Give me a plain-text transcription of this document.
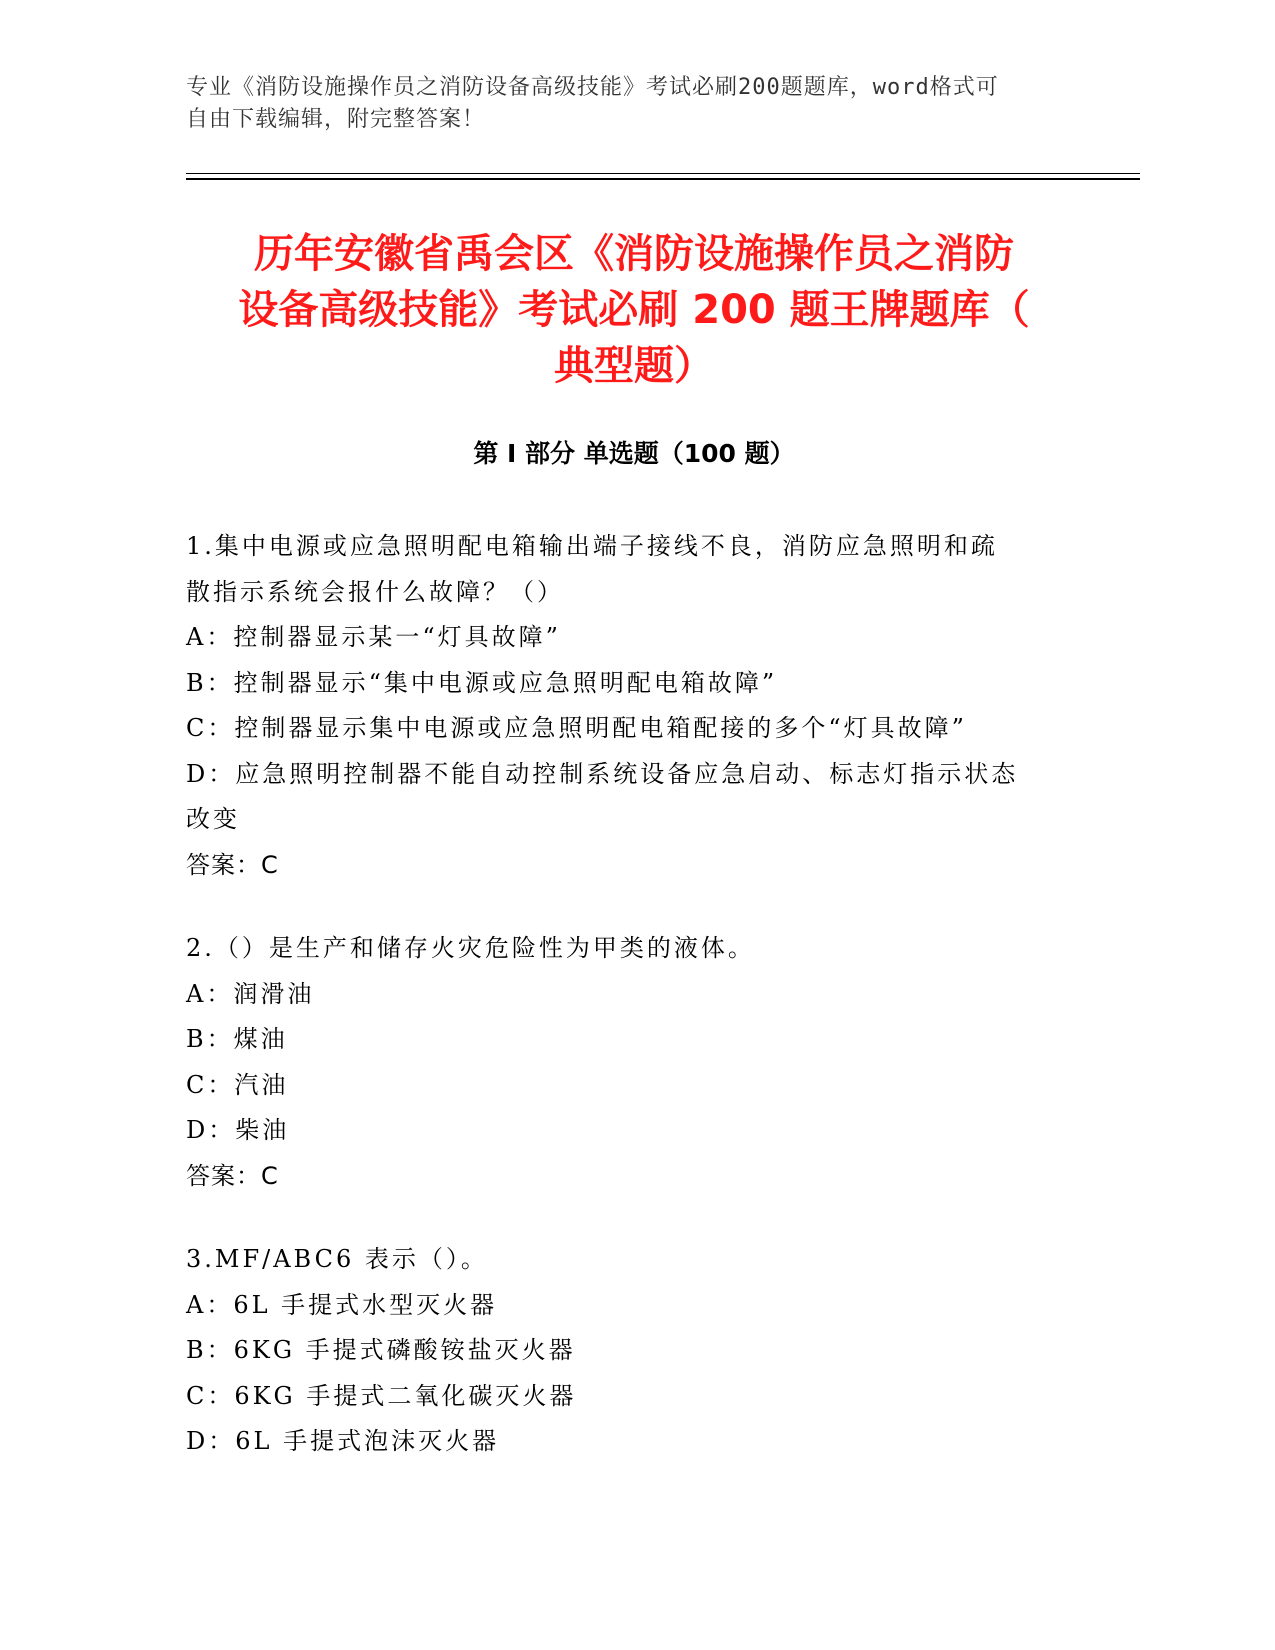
专业《消防设施操作员之消防设备高级技能》考试必刷200题题库，word格式可
自由下载编辑，附完整答案！
历年安徽省禹会区《消防设施操作员之消防
设备高级技能》考试必刷 200 题王牌题库（
典型题）
第 I 部分 单选题（100 题）
1.集中电源或应急照明配电箱输出端子接线不良，消防应急照明和疏
散指示系统会报什么故障？（）
A：控制器显示某一“灯具故障”
B：控制器显示“集中电源或应急照明配电箱故障”
C：控制器显示集中电源或应急照明配电箱配接的多个“灯具故障”
D：应急照明控制器不能自动控制系统设备应急启动、标志灯指示状态
改变
答案：C
2.（）是生产和储存火灾危险性为甲类的液体。
A：润滑油
B：煤油
C：汽油
D：柴油
答案：C
3.MF/ABC6 表示（）。
A：6L 手提式水型灭火器
B：6KG 手提式磷酸铵盐灭火器
C：6KG 手提式二氧化碳灭火器
D：6L 手提式泡沫灭火器
